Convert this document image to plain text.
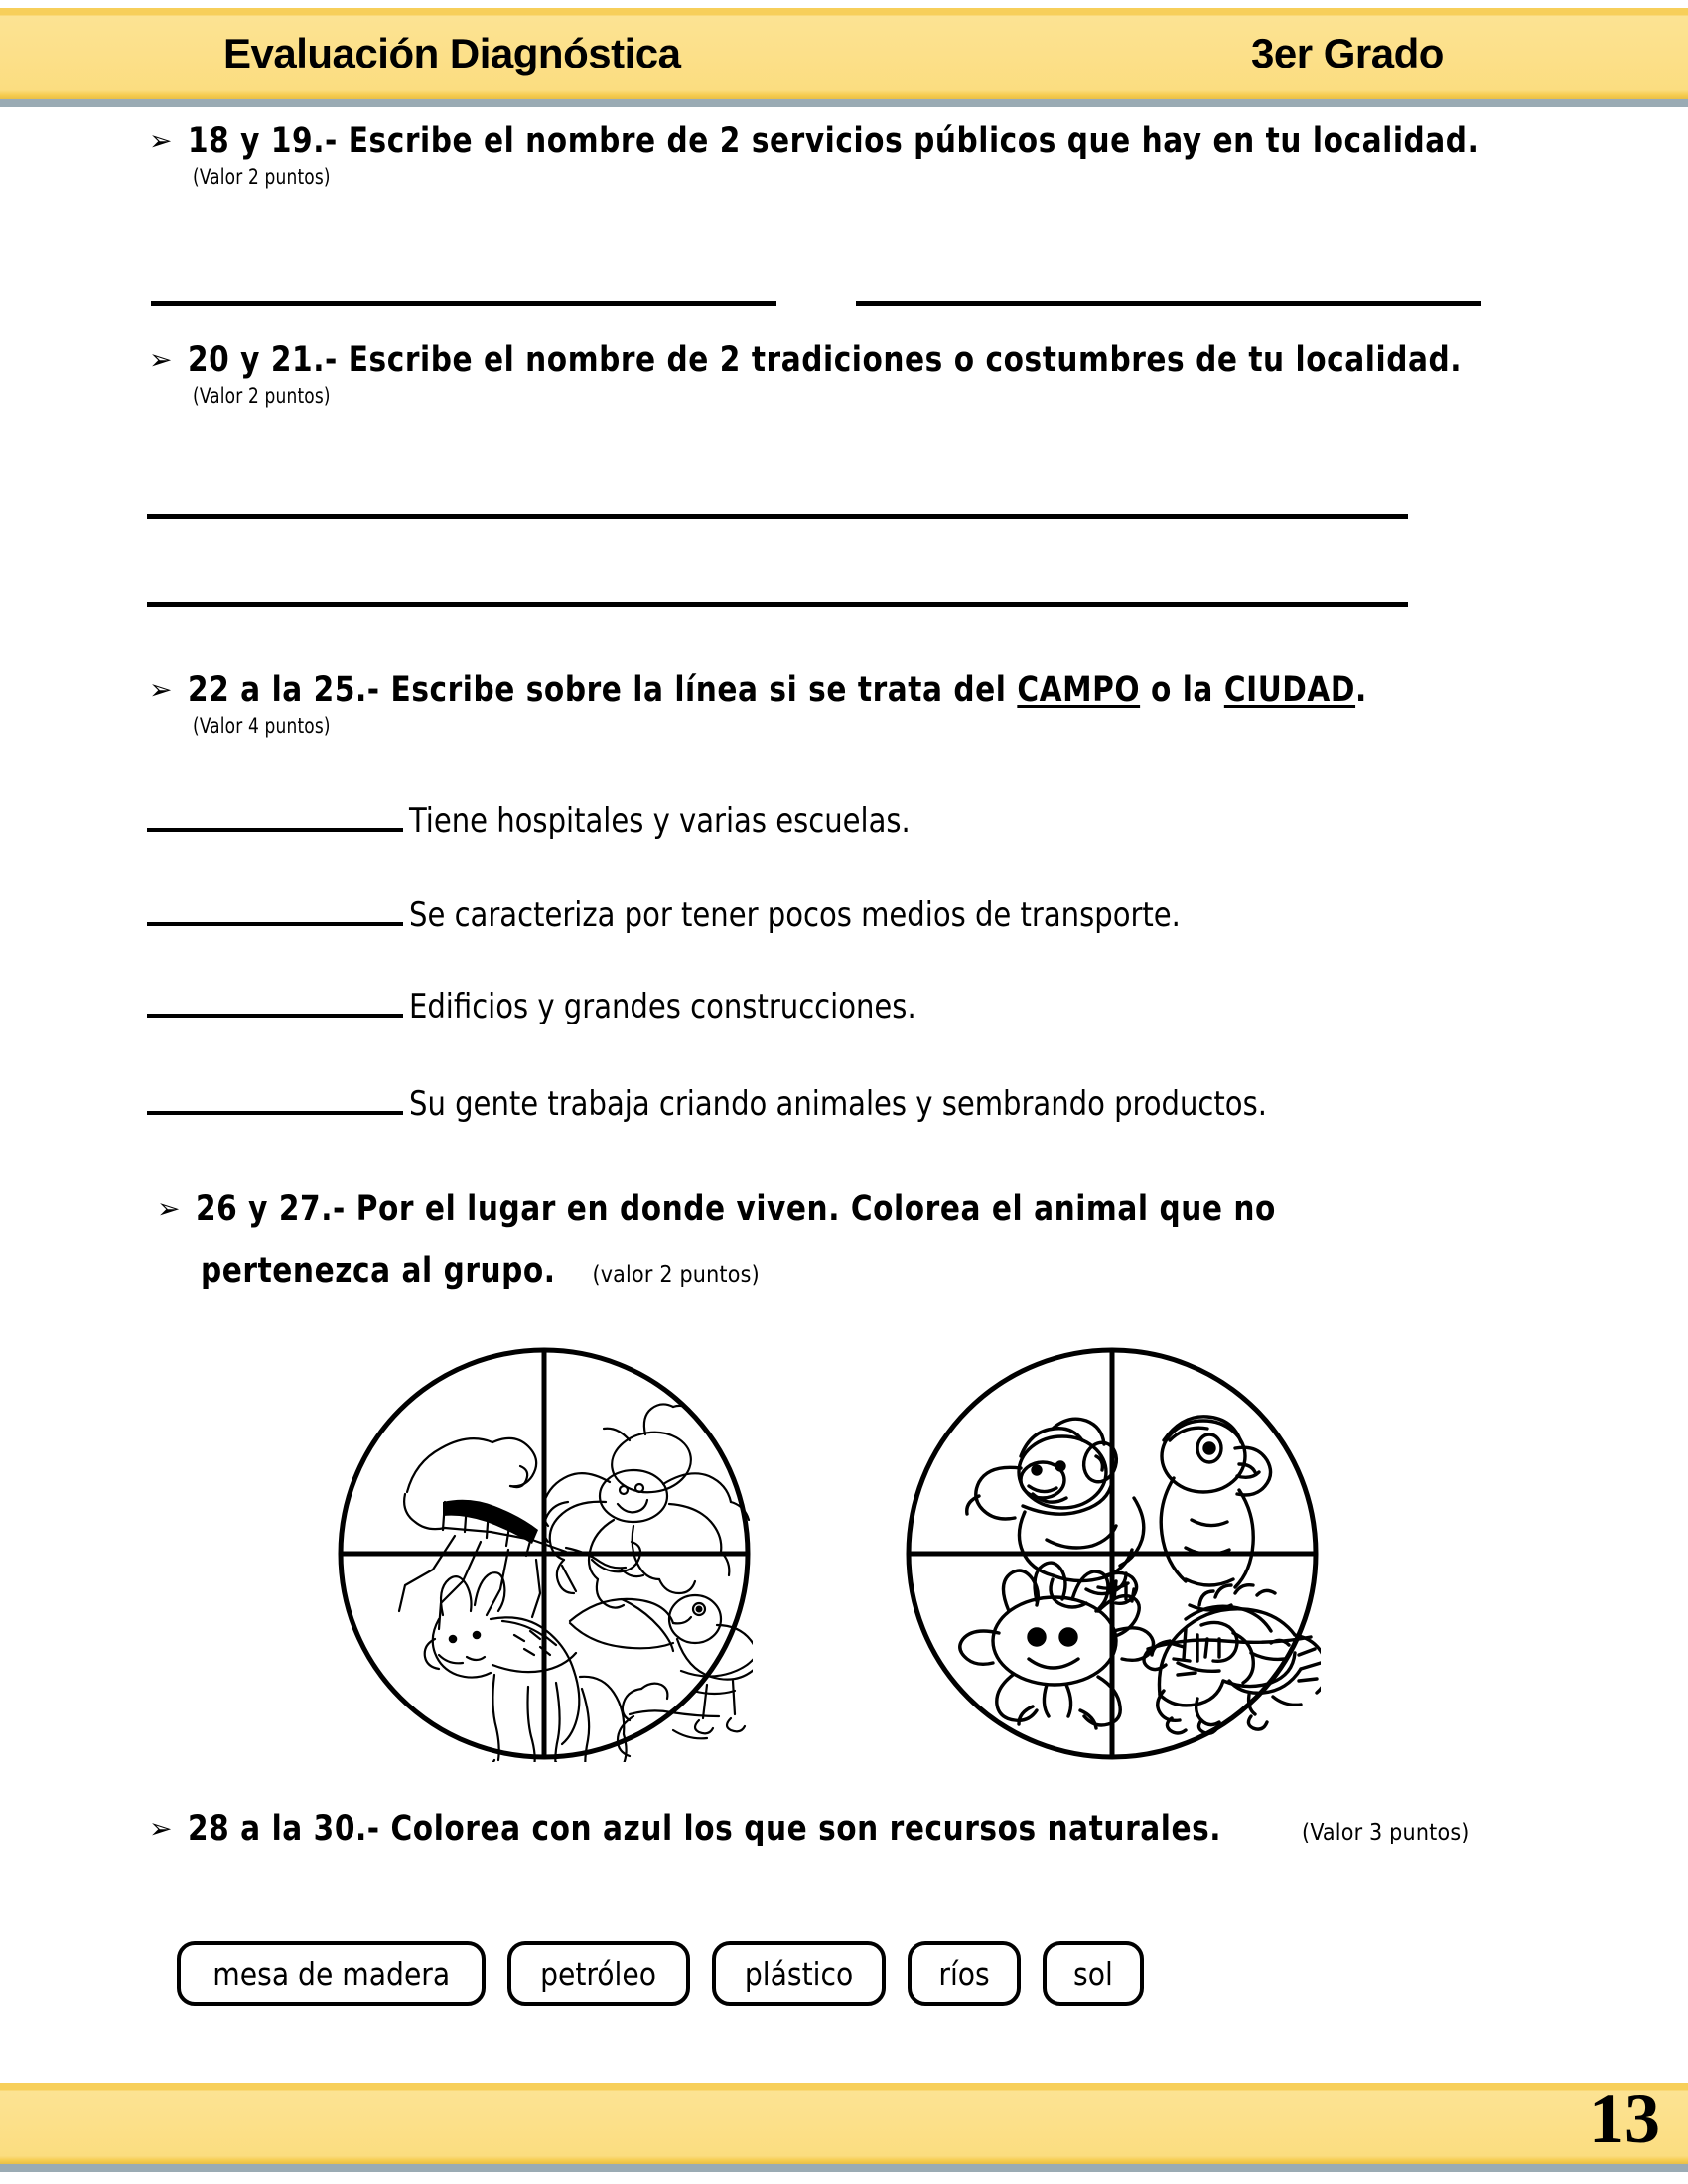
Evaluación Diagnóstica	3er Grado
➢ 18 y 19.- Escribe el nombre de 2 servicios públicos que hay en tu localidad.
(Valor 2 puntos)
➢ 20 y 21.- Escribe el nombre de 2 tradiciones o costumbres de tu localidad.
(Valor 2 puntos)
➢ 22 a la 25.- Escribe sobre la línea si se trata del CAMPO o la CIUDAD.
(Valor 4 puntos)
Tiene hospitales y varias escuelas.
Se caracteriza por tener pocos medios de transporte.
Edificios y grandes construcciones.
Su gente trabaja criando animales y sembrando productos.
➢ 26 y 27.- Por el lugar en donde viven. Colorea el animal que no
pertenezca al grupo. (valor 2 puntos)
➢ 28 a la 30.- Colorea con azul los que son recursos naturales.	(Valor 3 puntos)
mesa de madera	petróleo	plástico	ríos	sol
13
